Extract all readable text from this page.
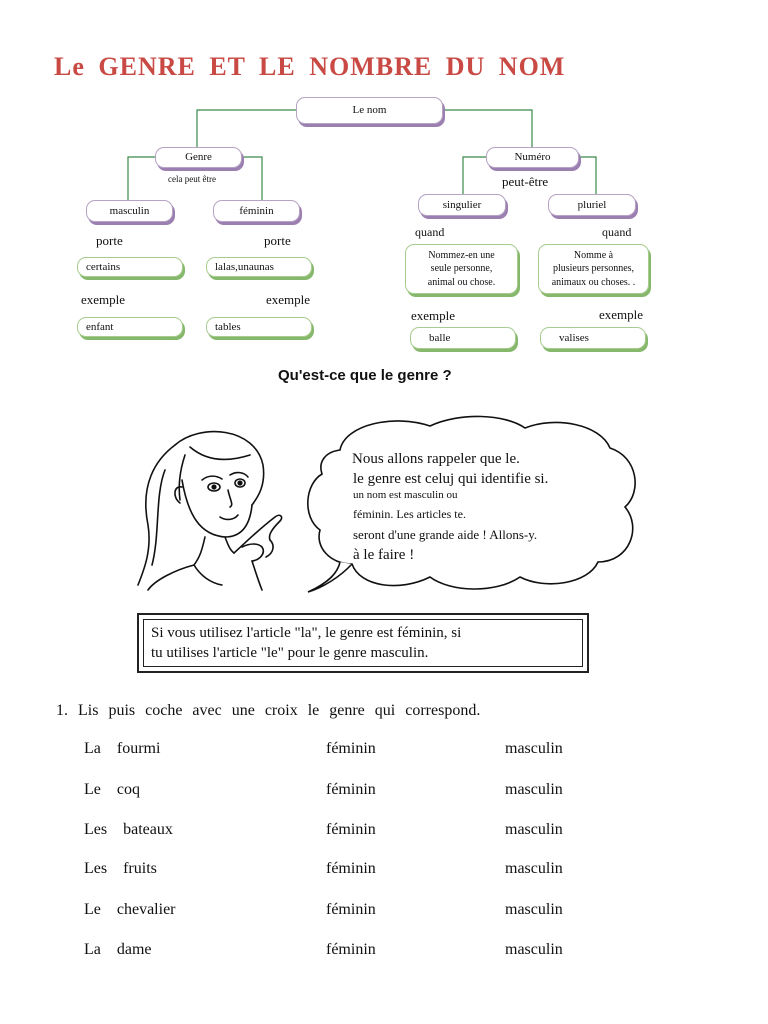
Le GENRE ET LE NOMBRE DU NOM
Le nom
Genre
cela peut être
masculin	féminin
porte	porte
certains	lalas,unaunas
exemple	exemple
enfant	tables
Numéro
peut-être
singulier	pluriel
quand	quand
Nommez-en une
seule personne,
animal ou chose.
Nomme à
plusieurs personnes,
animaux ou choses. .
exemple	exemple
balle	valises
Qu'est-ce que le genre ?
Nous allons rappeler que le.
le genre est celuj qui identifie si.
un nom est masculin ou
féminin. Les articles te.
seront d'une grande aide ! Allons-y.
à le faire !
Si vous utilisez l'article "la", le genre est féminin, si
tu utilises l'article "le" pour le genre masculin.
1. Lis puis coche avec une croix le genre qui correspond.
La fourmi	féminin	masculin
Le coq	féminin	masculin
Les bateaux	féminin	masculin
Les fruits	féminin	masculin
Le chevalier	féminin	masculin
La dame	féminin	masculin
